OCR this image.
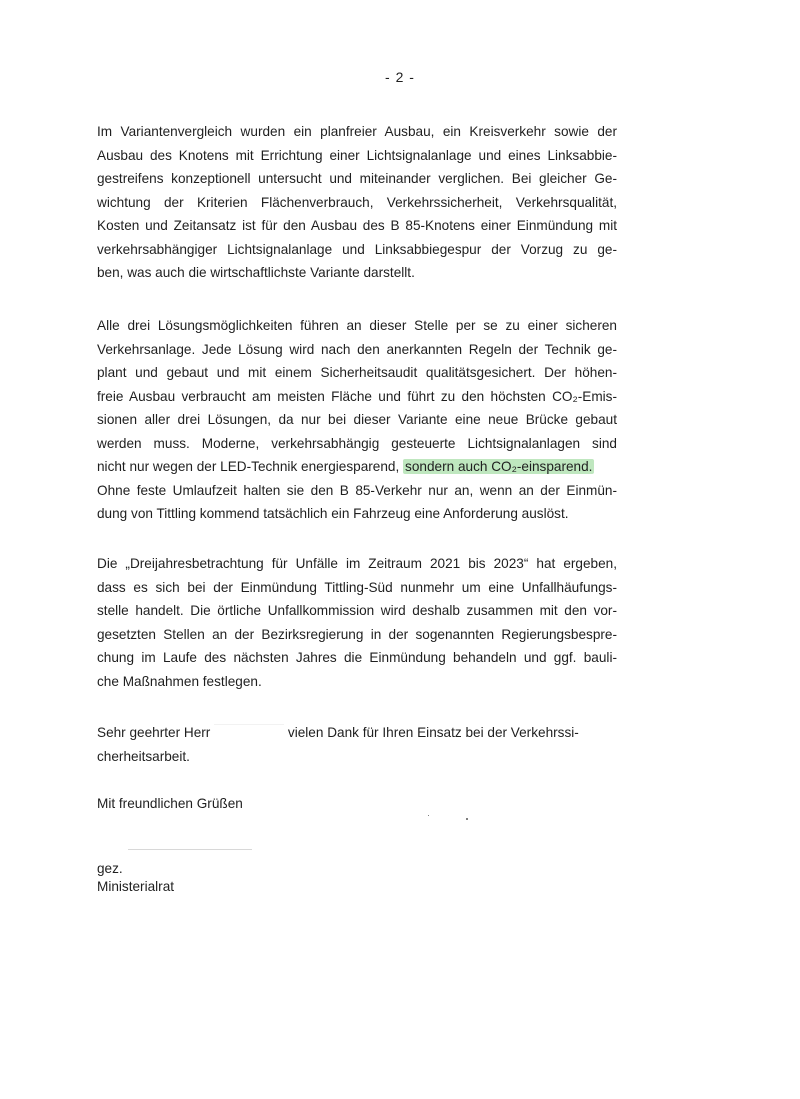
- 2 -
Im Variantenvergleich wurden ein planfreier Ausbau, ein Kreisverkehr sowie der
Ausbau des Knotens mit Errichtung einer Lichtsignalanlage und eines Linksabbie-
gestreifens konzeptionell untersucht und miteinander verglichen. Bei gleicher Ge-
wichtung der Kriterien Flächenverbrauch, Verkehrssicherheit, Verkehrsqualität,
Kosten und Zeitansatz ist für den Ausbau des B 85-Knotens einer Einmündung mit
verkehrsabhängiger Lichtsignalanlage und Linksabbiegespur der Vorzug zu ge-
ben, was auch die wirtschaftlichste Variante darstellt.
Alle drei Lösungsmöglichkeiten führen an dieser Stelle per se zu einer sicheren
Verkehrsanlage. Jede Lösung wird nach den anerkannten Regeln der Technik ge-
plant und gebaut und mit einem Sicherheitsaudit qualitätsgesichert. Der höhen-
freie Ausbau verbraucht am meisten Fläche und führt zu den höchsten CO₂-Emis-
sionen aller drei Lösungen, da nur bei dieser Variante eine neue Brücke gebaut
werden muss. Moderne, verkehrsabhängig gesteuerte Lichtsignalanlagen sind
nicht nur wegen der LED-Technik energiesparend, sondern auch CO₂-einsparend.
Ohne feste Umlaufzeit halten sie den B 85-Verkehr nur an, wenn an der Einmün-
dung von Tittling kommend tatsächlich ein Fahrzeug eine Anforderung auslöst.
Die „Dreijahresbetrachtung für Unfälle im Zeitraum 2021 bis 2023“ hat ergeben,
dass es sich bei der Einmündung Tittling-Süd nunmehr um eine Unfallhäufungs-
stelle handelt. Die örtliche Unfallkommission wird deshalb zusammen mit den vor-
gesetzten Stellen an der Bezirksregierung in der sogenannten Regierungsbespre-
chung im Laufe des nächsten Jahres die Einmündung behandeln und ggf. bauli-
che Maßnahmen festlegen.
Sehr geehrter Herr	vielen Dank für Ihren Einsatz bei der Verkehrssi-
cherheitsarbeit.
Mit freundlichen Grüßen
gez.
Ministerialrat
